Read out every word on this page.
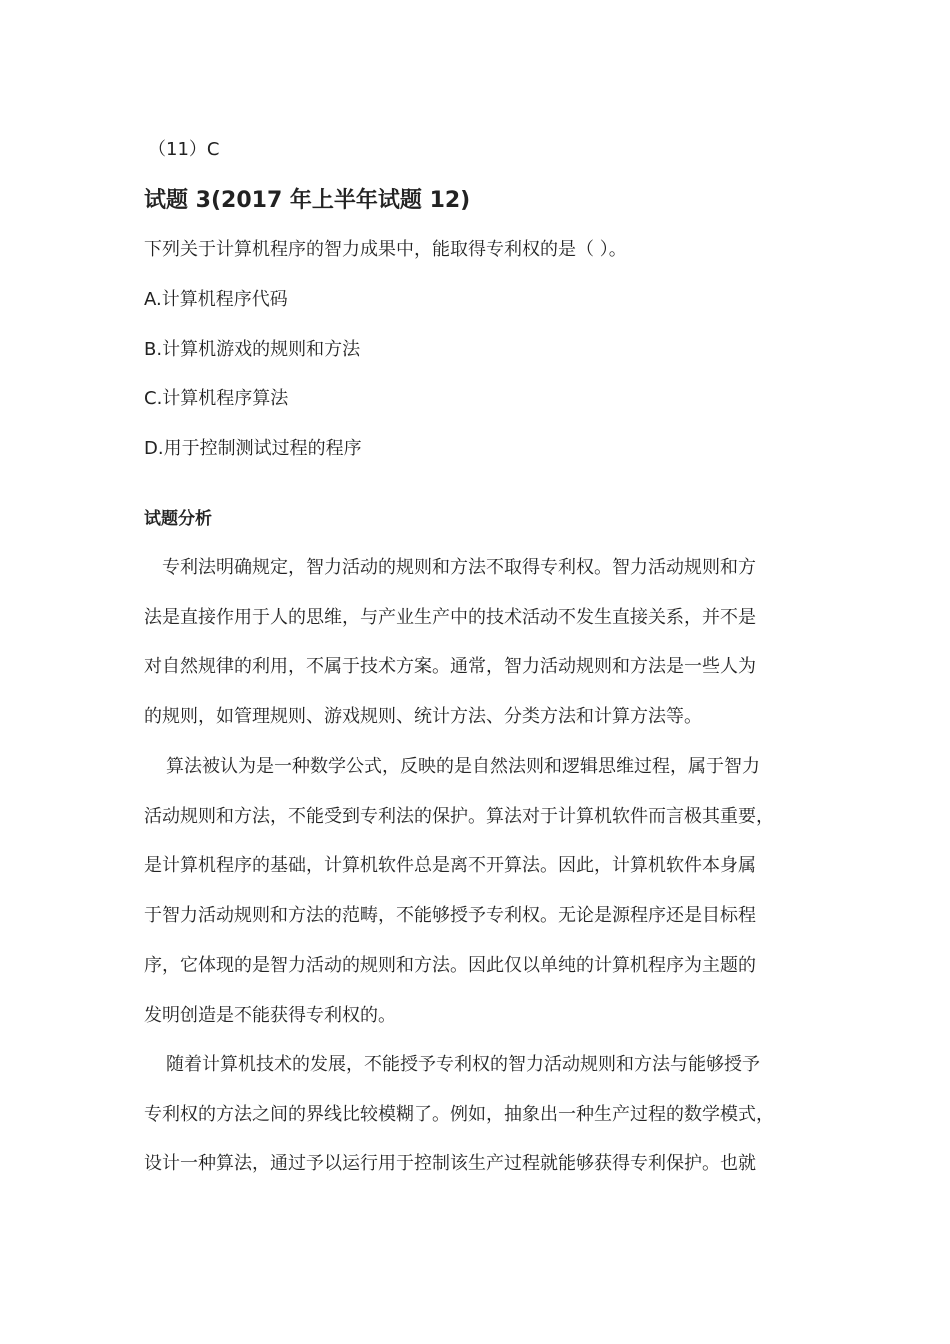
（11）C
试题 3(2017 年上半年试题 12)
下列关于计算机程序的智力成果中，能取得专利权的是（ ）。
A.计算机程序代码
B.计算机游戏的规则和方法
C.计算机程序算法
D.用于控制测试过程的程序
试题分析
专利法明确规定，智力活动的规则和方法不取得专利权。智力活动规则和方
法是直接作用于人的思维，与产业生产中的技术活动不发生直接关系，并不是
对自然规律的利用，不属于技术方案。通常，智力活动规则和方法是一些人为
的规则，如管理规则、游戏规则、统计方法、分类方法和计算方法等。
算法被认为是一种数学公式，反映的是自然法则和逻辑思维过程，属于智力
活动规则和方法，不能受到专利法的保护。算法对于计算机软件而言极其重要，
是计算机程序的基础，计算机软件总是离不开算法。因此，计算机软件本身属
于智力活动规则和方法的范畴，不能够授予专利权。无论是源程序还是目标程
序，它体现的是智力活动的规则和方法。因此仅以单纯的计算机程序为主题的
发明创造是不能获得专利权的。
随着计算机技术的发展，不能授予专利权的智力活动规则和方法与能够授予
专利权的方法之间的界线比较模糊了。例如，抽象出一种生产过程的数学模式，
设计一种算法，通过予以运行用于控制该生产过程就能够获得专利保护。也就
